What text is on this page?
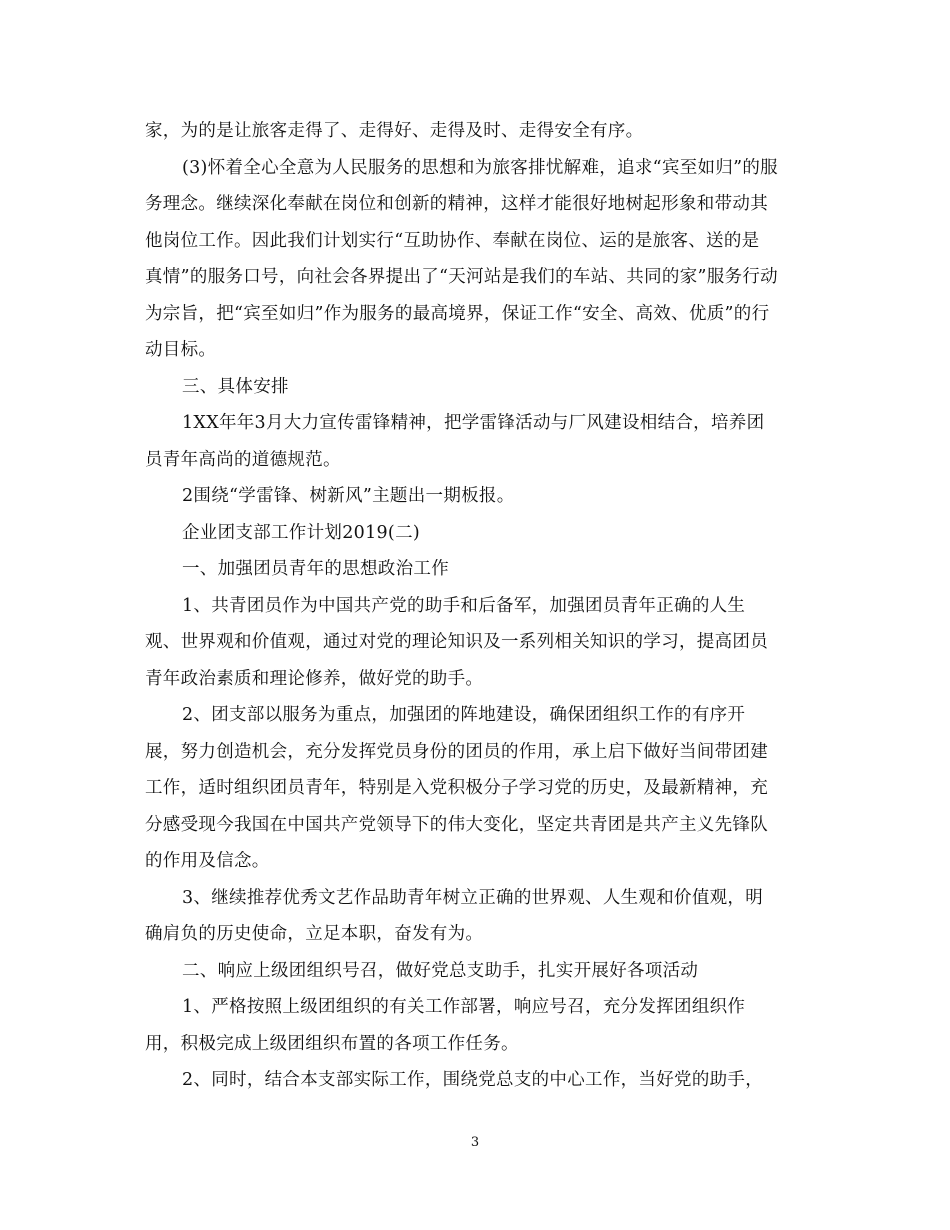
家，为的是让旅客走得了、走得好、走得及时、走得安全有序。
(3)怀着全心全意为人民服务的思想和为旅客排忧解难，追求“宾至如归”的服
务理念。继续深化奉献在岗位和创新的精神，这样才能很好地树起形象和带动其
他岗位工作。因此我们计划实行“互助协作、奉献在岗位、运的是旅客、送的是
真情”的服务口号，向社会各界提出了“天河站是我们的车站、共同的家”服务行动
为宗旨，把“宾至如归”作为服务的最高境界，保证工作“安全、高效、优质”的行
动目标。
三、具体安排
1XX年年3月大力宣传雷锋精神，把学雷锋活动与厂风建设相结合，培养团
员青年高尚的道德规范。
2围绕“学雷锋、树新风”主题出一期板报。
企业团支部工作计划2019(二)
一、加强团员青年的思想政治工作
1、共青团员作为中国共产党的助手和后备军，加强团员青年正确的人生
观、世界观和价值观，通过对党的理论知识及一系列相关知识的学习，提高团员
青年政治素质和理论修养，做好党的助手。
2、团支部以服务为重点，加强团的阵地建设，确保团组织工作的有序开
展，努力创造机会，充分发挥党员身份的团员的作用，承上启下做好当间带团建
工作，适时组织团员青年，特别是入党积极分子学习党的历史，及最新精神，充
分感受现今我国在中国共产党领导下的伟大变化，坚定共青团是共产主义先锋队
的作用及信念。
3、继续推荐优秀文艺作品助青年树立正确的世界观、人生观和价值观，明
确肩负的历史使命，立足本职，奋发有为。
二、响应上级团组织号召，做好党总支助手，扎实开展好各项活动
1、严格按照上级团组织的有关工作部署，响应号召，充分发挥团组织作
用，积极完成上级团组织布置的各项工作任务。
2、同时，结合本支部实际工作，围绕党总支的中心工作，当好党的助手，
3
